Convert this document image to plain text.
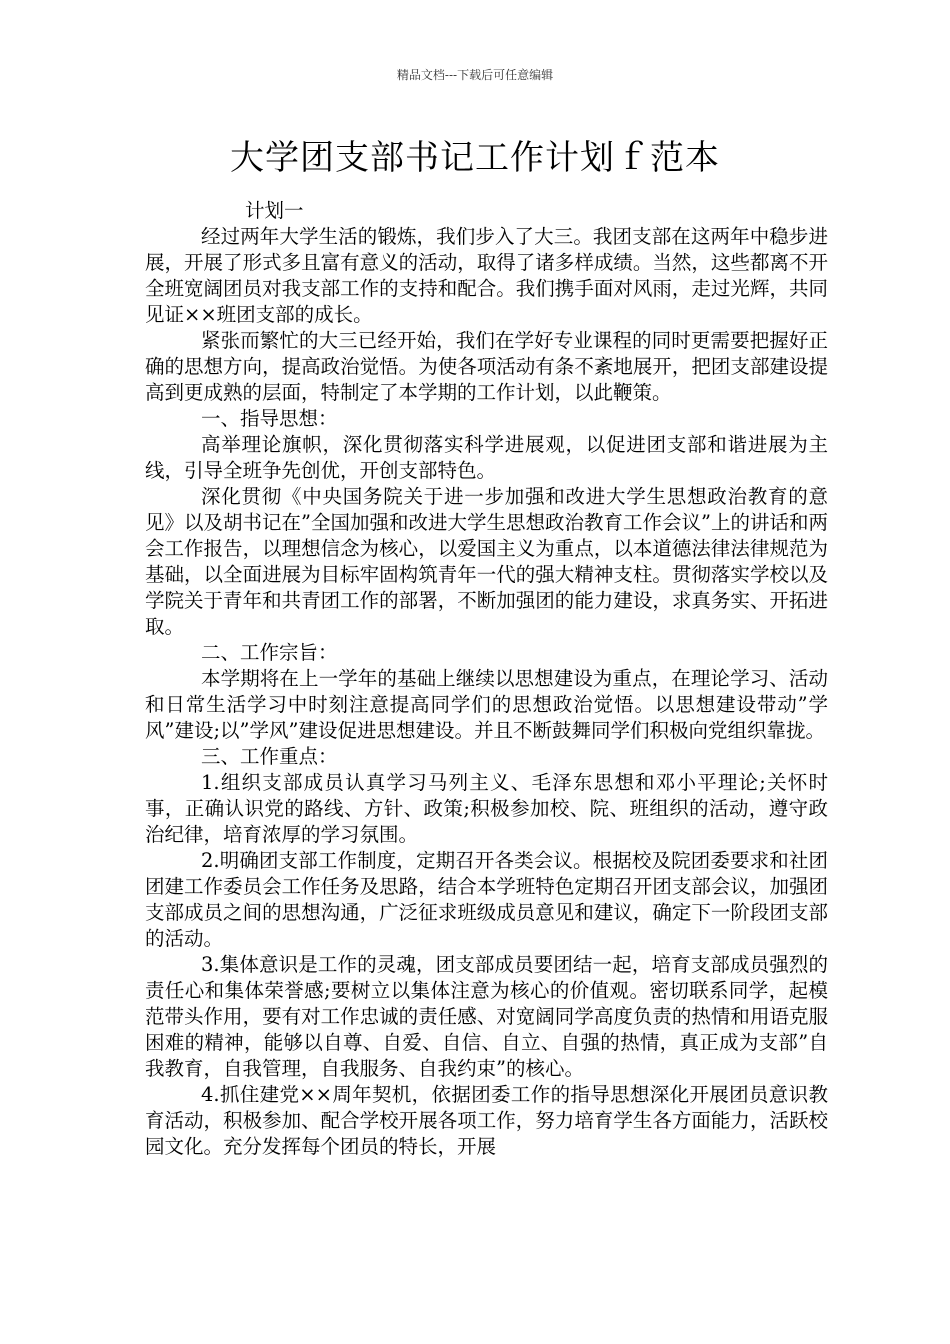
精品文档---下载后可任意编辑
大学团支部书记工作计划ｆ范本

计划一

经过两年大学生活的锻炼，我们步入了大三。我团支部在这两年中稳步进展，开展了形式多且富有意义的活动，取得了诸多样成绩。当然，这些都离不开全班宽阔团员对我支部工作的支持和配合。我们携手面对风雨，走过光辉，共同见证××班团支部的成长。

紧张而繁忙的大三已经开始，我们在学好专业课程的同时更需要把握好正确的思想方向，提高政治觉悟。为使各项活动有条不紊地展开，把团支部建设提高到更成熟的层面，特制定了本学期的工作计划，以此鞭策。

一、指导思想：

高举理论旗帜，深化贯彻落实科学进展观，以促进团支部和谐进展为主线，引导全班争先创优，开创支部特色。

深化贯彻《中央国务院关于进一步加强和改进大学生思想政治教育的意见》以及胡书记在”全国加强和改进大学生思想政治教育工作会议”上的讲话和两会工作报告，以理想信念为核心，以爱国主义为重点，以本道德法律法律规范为基础，以全面进展为目标牢固构筑青年一代的强大精神支柱。贯彻落实学校以及学院关于青年和共青团工作的部署，不断加强团的能力建设，求真务实、开拓进取。

二、工作宗旨：

本学期将在上一学年的基础上继续以思想建设为重点，在理论学习、活动和日常生活学习中时刻注意提高同学们的思想政治觉悟。以思想建设带动”学风”建设;以”学风”建设促进思想建设。并且不断鼓舞同学们积极向党组织靠拢。

三、工作重点：

1.组织支部成员认真学习马列主义、毛泽东思想和邓小平理论;关怀时事，正确认识党的路线、方针、政策;积极参加校、院、班组织的活动，遵守政治纪律，培育浓厚的学习氛围。

2.明确团支部工作制度，定期召开各类会议。根据校及院团委要求和社团团建工作委员会工作任务及思路，结合本学班特色定期召开团支部会议，加强团支部成员之间的思想沟通，广泛征求班级成员意见和建议，确定下一阶段团支部的活动。

3.集体意识是工作的灵魂，团支部成员要团结一起，培育支部成员强烈的责任心和集体荣誉感;要树立以集体注意为核心的价值观。密切联系同学，起模范带头作用，要有对工作忠诚的责任感、对宽阔同学高度负责的热情和用语克服困难的精神，能够以自尊、自爱、自信、自立、自强的热情，真正成为支部”自我教育，自我管理，自我服务、自我约束”的核心。

4.抓住建党××周年契机，依据团委工作的指导思想深化开展团员意识教育活动，积极参加、配合学校开展各项工作，努力培育学生各方面能力，活跃校园文化。充分发挥每个团员的特长，开展
